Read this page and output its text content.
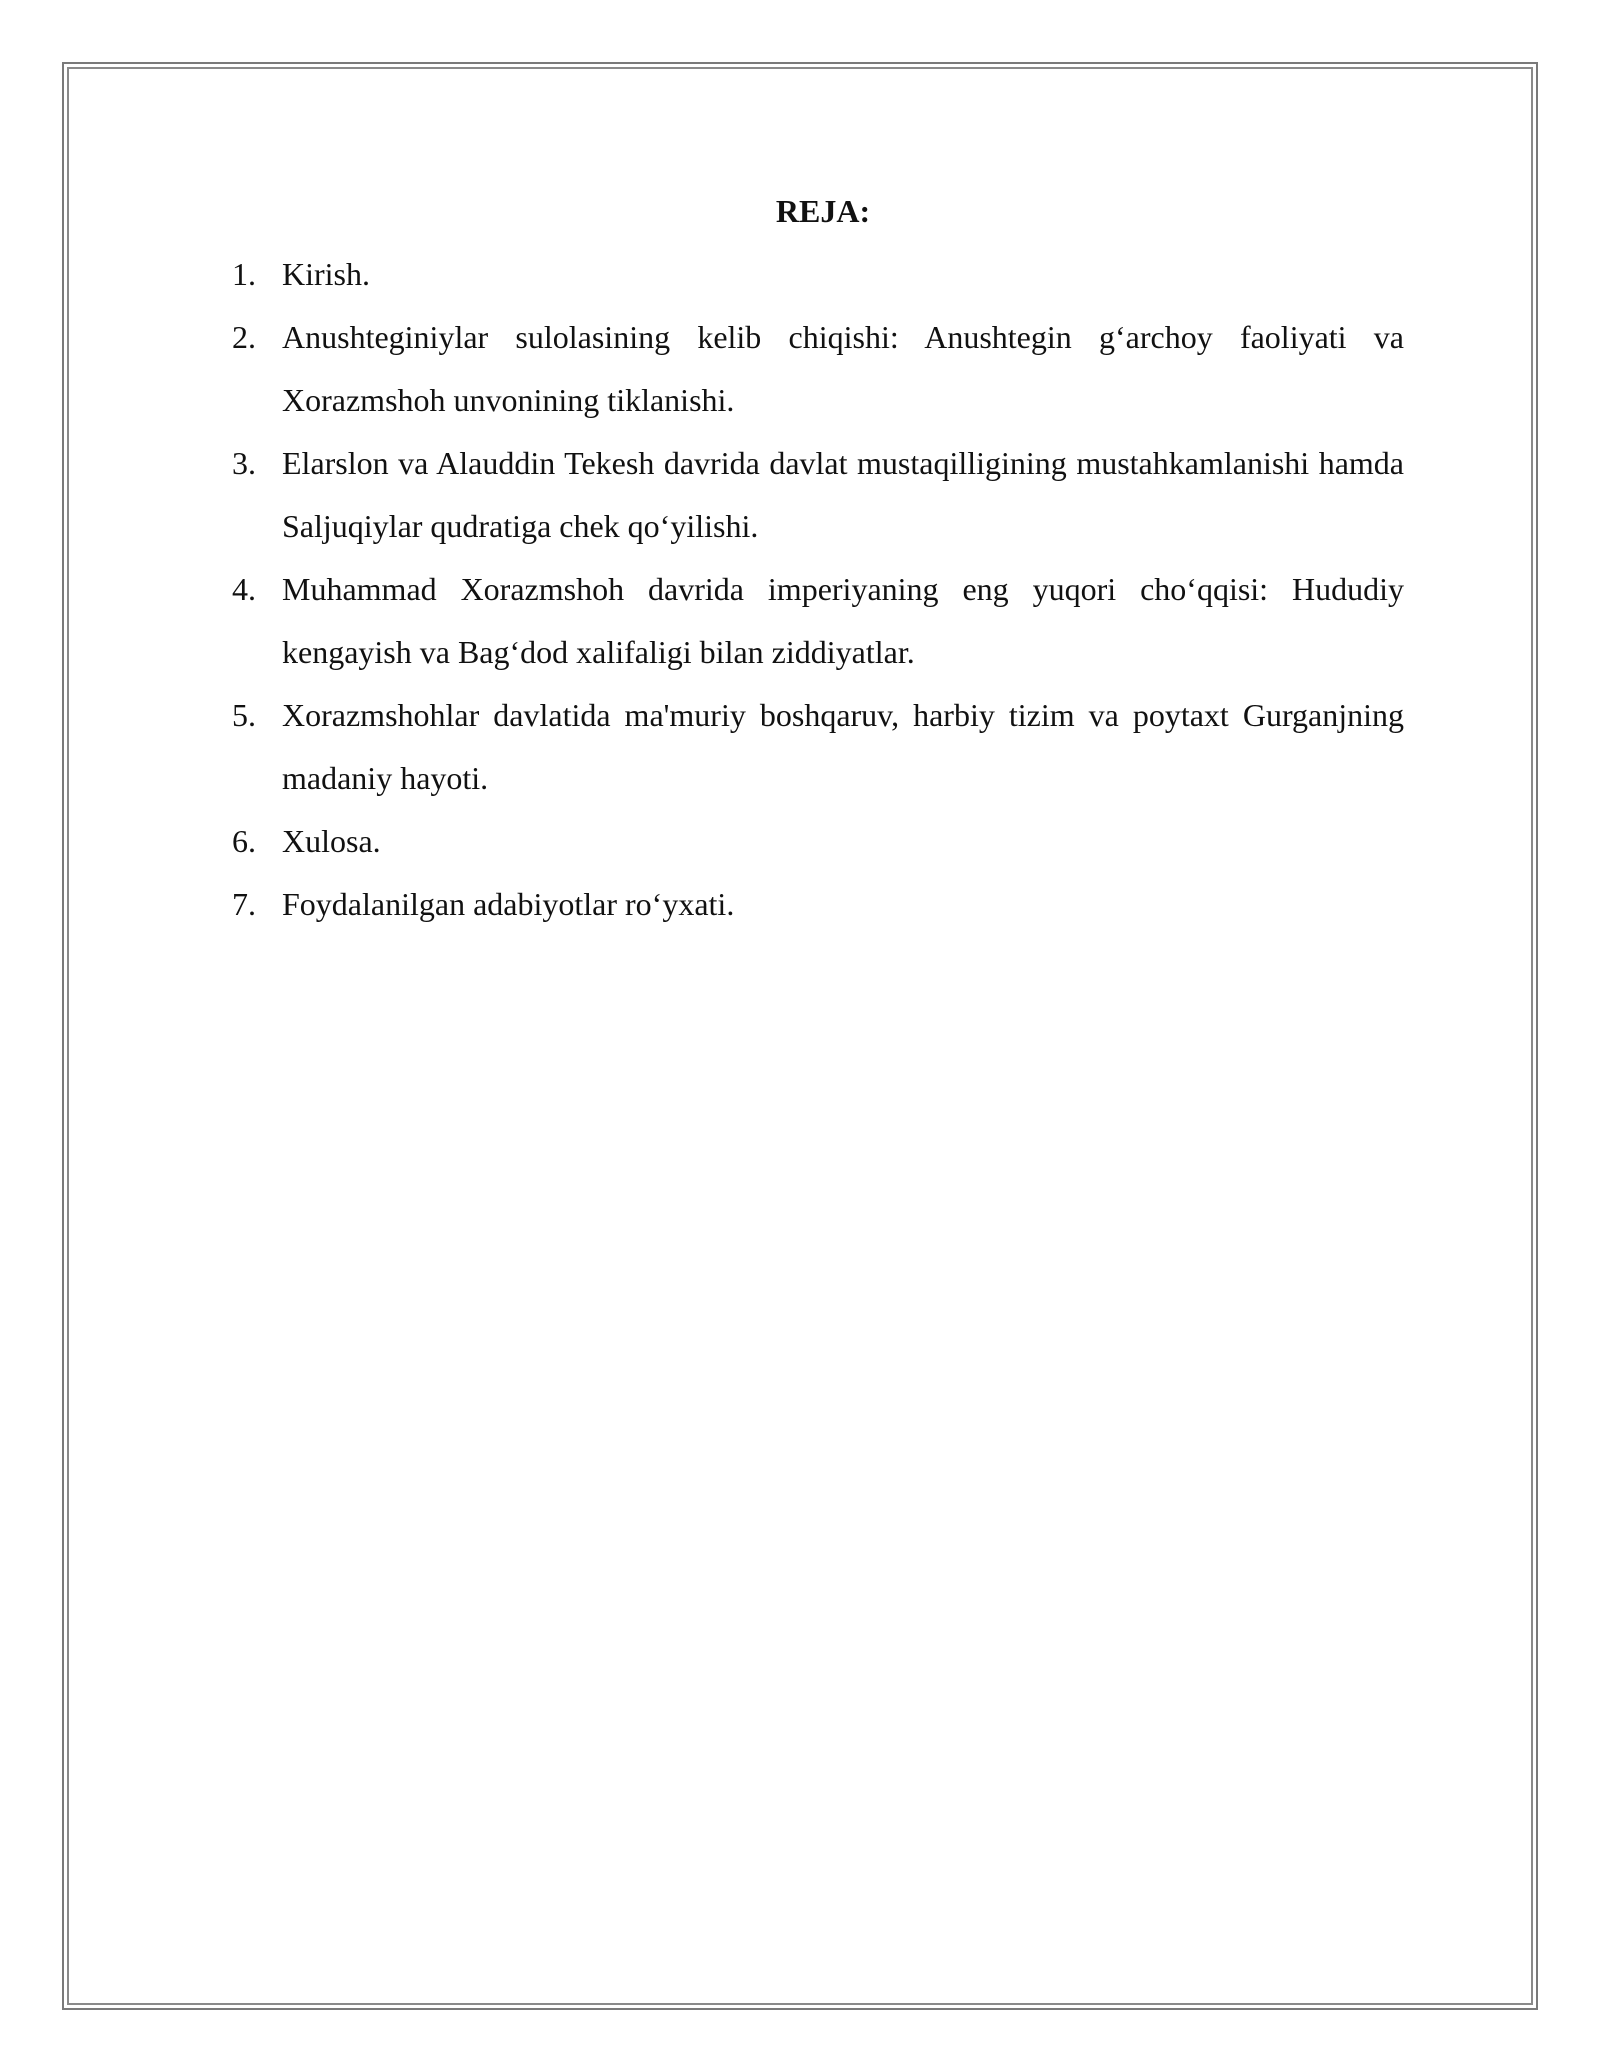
REJA:
1. Kirish.
2. Anushteginiylar sulolasining kelib chiqishi: Anushtegin g‘archoy faoliyati va Xorazmshoh unvonining tiklanishi.
3. Elarslon va Alauddin Tekesh davrida davlat mustaqilligining mustahkamlanishi hamda Saljuqiylar qudratiga chek qo‘yilishi.
4. Muhammad Xorazmshoh davrida imperiyaning eng yuqori cho‘qqisi: Hududiy kengayish va Bag‘dod xalifaligi bilan ziddiyatlar.
5. Xorazmshohlar davlatida ma'muriy boshqaruv, harbiy tizim va poytaxt Gurganjning madaniy hayoti.
6. Xulosa.
7. Foydalanilgan adabiyotlar ro‘yxati.
